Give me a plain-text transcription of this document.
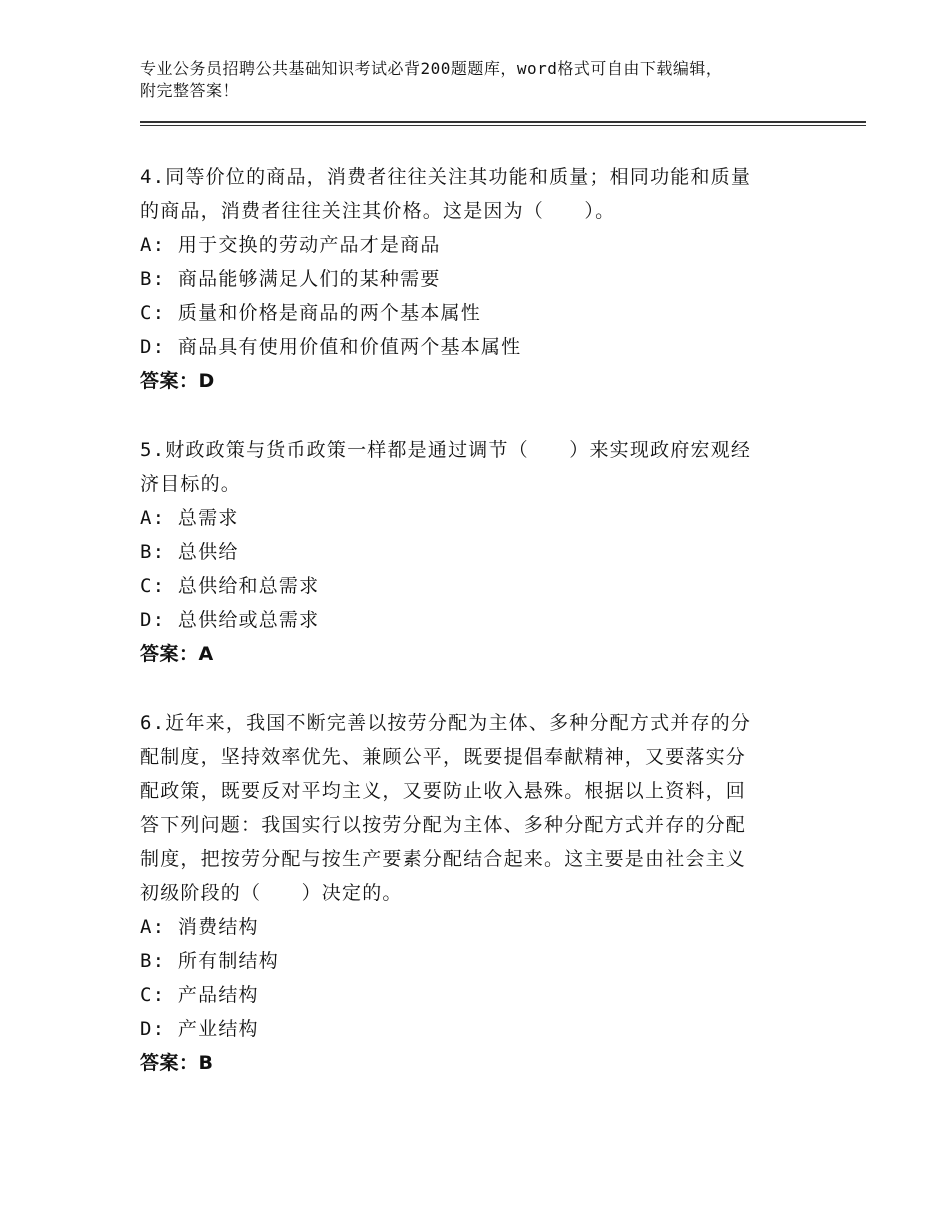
专业公务员招聘公共基础知识考试必背200题题库，word格式可自由下载编辑，
附完整答案！
4.同等价位的商品，消费者往往关注其功能和质量；相同功能和质量
的商品，消费者往往关注其价格。这是因为（　　）。
A: 用于交换的劳动产品才是商品
B: 商品能够满足人们的某种需要
C: 质量和价格是商品的两个基本属性
D: 商品具有使用价值和价值两个基本属性
答案：D
5.财政政策与货币政策一样都是通过调节（　　）来实现政府宏观经
济目标的。
A: 总需求
B: 总供给
C: 总供给和总需求
D: 总供给或总需求
答案：A
6.近年来，我国不断完善以按劳分配为主体、多种分配方式并存的分
配制度，坚持效率优先、兼顾公平，既要提倡奉献精神，又要落实分
配政策，既要反对平均主义，又要防止收入悬殊。根据以上资料，回
答下列问题：我国实行以按劳分配为主体、多种分配方式并存的分配
制度，把按劳分配与按生产要素分配结合起来。这主要是由社会主义
初级阶段的（　　）决定的。
A: 消费结构
B: 所有制结构
C: 产品结构
D: 产业结构
答案：B
